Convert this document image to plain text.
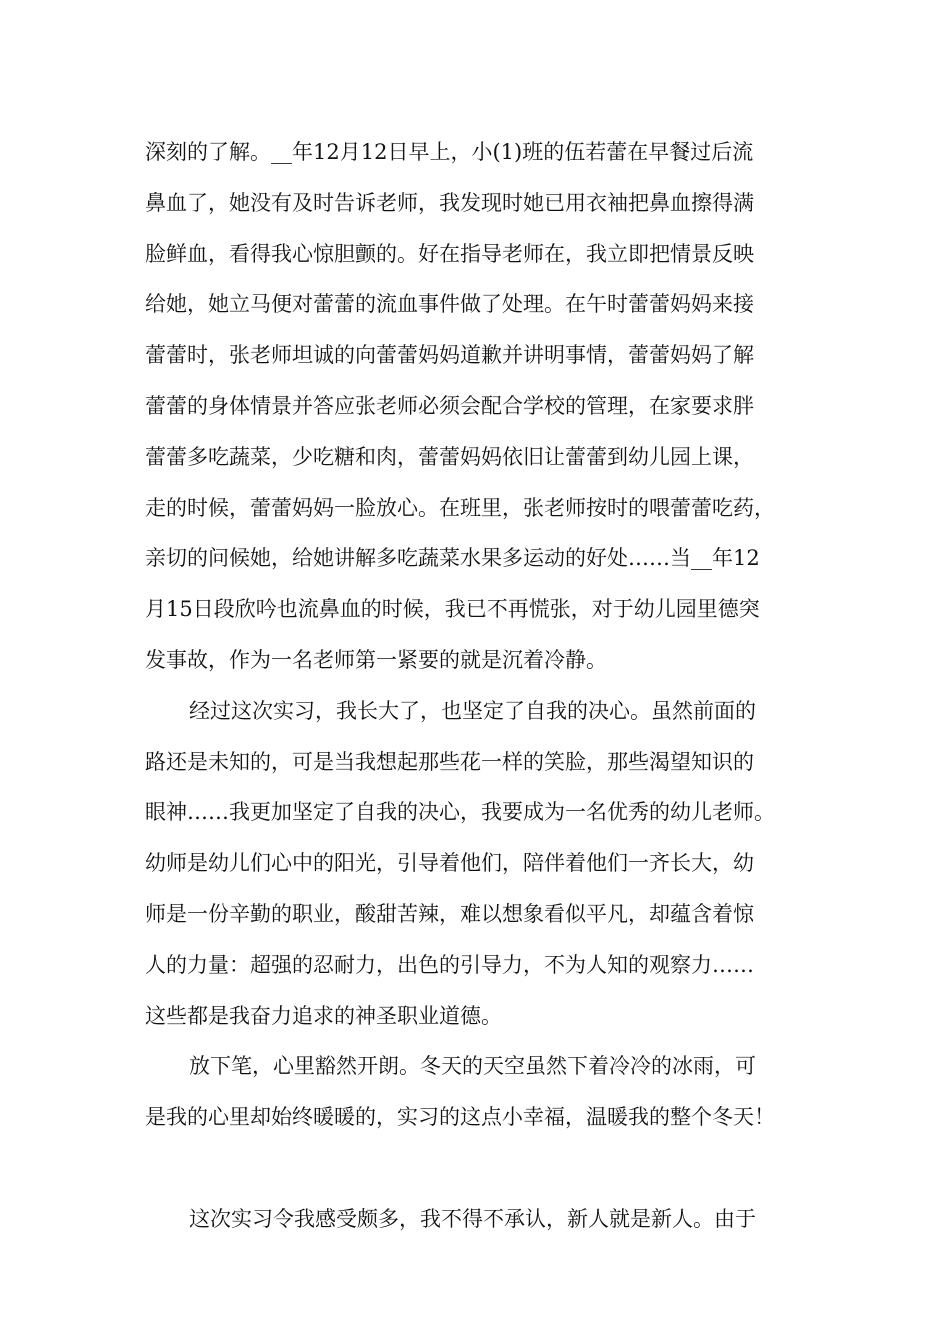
深刻的了解。__年12月12日早上，小(1)班的伍若蕾在早餐过后流
鼻血了，她没有及时告诉老师，我发现时她已用衣袖把鼻血擦得满
脸鲜血，看得我心惊胆颤的。好在指导老师在，我立即把情景反映
给她，她立马便对蕾蕾的流血事件做了处理。在午时蕾蕾妈妈来接
蕾蕾时，张老师坦诚的向蕾蕾妈妈道歉并讲明事情，蕾蕾妈妈了解
蕾蕾的身体情景并答应张老师必须会配合学校的管理，在家要求胖
蕾蕾多吃蔬菜，少吃糖和肉，蕾蕾妈妈依旧让蕾蕾到幼儿园上课，
走的时候，蕾蕾妈妈一脸放心。在班里，张老师按时的喂蕾蕾吃药，
亲切的问候她，给她讲解多吃蔬菜水果多运动的好处……当__年12
月15日段欣吟也流鼻血的时候，我已不再慌张，对于幼儿园里德突
发事故，作为一名老师第一紧要的就是沉着冷静。
经过这次实习，我长大了，也坚定了自我的决心。虽然前面的
路还是未知的，可是当我想起那些花一样的笑脸，那些渴望知识的
眼神……我更加坚定了自我的决心，我要成为一名优秀的幼儿老师。
幼师是幼儿们心中的阳光，引导着他们，陪伴着他们一齐长大，幼
师是一份辛勤的职业，酸甜苦辣，难以想象看似平凡，却蕴含着惊
人的力量：超强的忍耐力，出色的引导力，不为人知的观察力……
这些都是我奋力追求的神圣职业道德。
放下笔，心里豁然开朗。冬天的天空虽然下着冷冷的冰雨，可
是我的心里却始终暖暖的，实习的这点小幸福，温暖我的整个冬天！
这次实习令我感受颇多，我不得不承认，新人就是新人。由于
